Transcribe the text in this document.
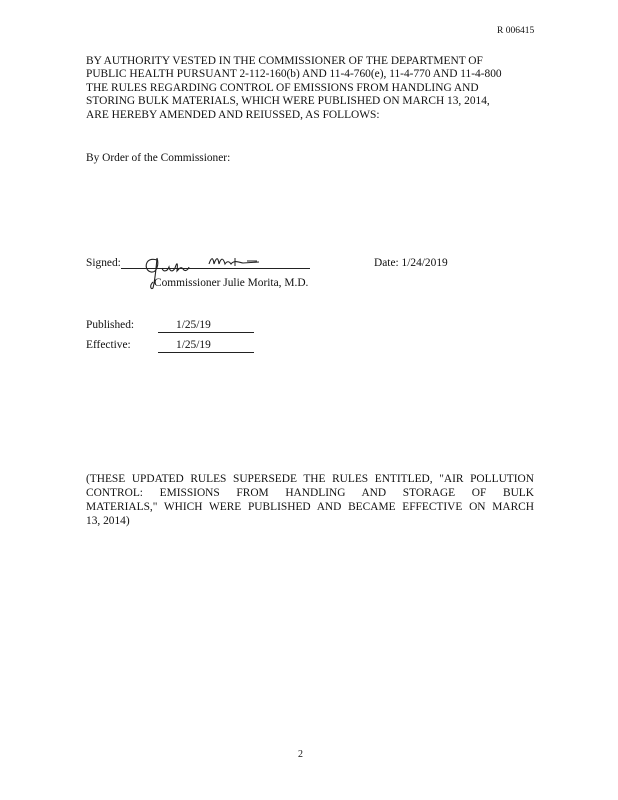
R 006415
BY AUTHORITY VESTED IN THE COMMISSIONER OF THE DEPARTMENT OF
PUBLIC HEALTH PURSUANT 2-112-160(b) AND 11-4-760(e), 11-4-770 AND 11-4-800
THE RULES REGARDING CONTROL OF EMISSIONS FROM HANDLING AND
STORING BULK MATERIALS, WHICH WERE PUBLISHED ON MARCH 13, 2014,
ARE HEREBY AMENDED AND REIUSSED, AS FOLLOWS:
By Order of the Commissioner:
Signed:
Commissioner Julie Morita, M.D.
Date: 1/24/2019
Published:	1/25/19
Effective:	1/25/19
(THESE UPDATED RULES SUPERSEDE THE RULES ENTITLED, "AIR POLLUTION
CONTROL: EMISSIONS FROM HANDLING AND STORAGE OF BULK
MATERIALS," WHICH WERE PUBLISHED AND BECAME EFFECTIVE ON MARCH
13, 2014)
2
